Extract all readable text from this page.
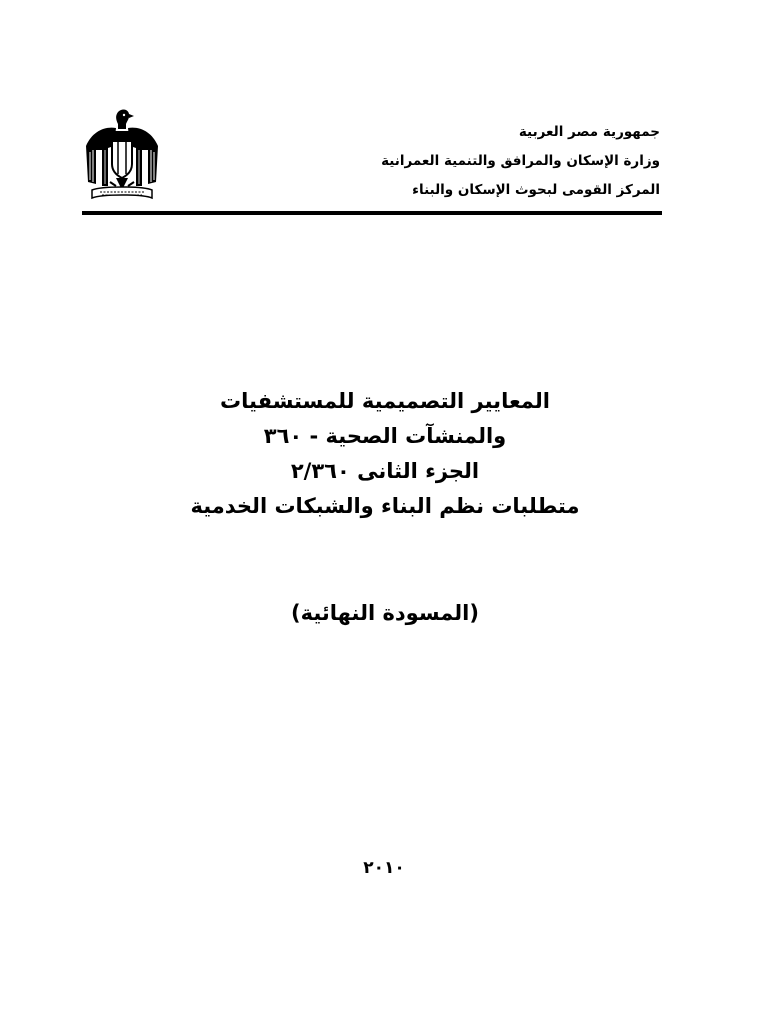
جمهورية مصر العربية
وزارة الإسكان والمرافق والتنمية العمرانية
المركز القومى لبحوث الإسكان والبناء
المعايير التصميمية للمستشفيات
والمنشآت الصحية - ٣٦٠
الجزء الثانى ٢/٣٦٠
متطلبات نظم البناء والشبكات الخدمية
(المسودة النهائية)
٢٠١٠
